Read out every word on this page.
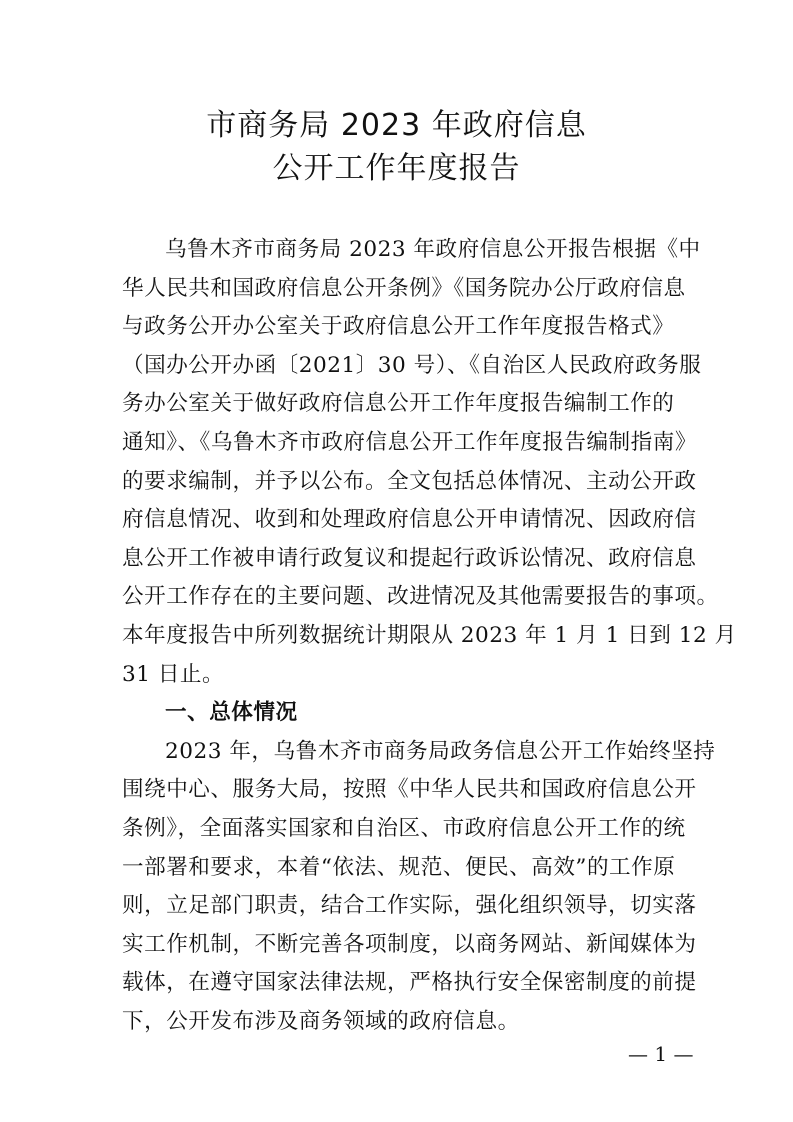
市商务局 2023 年政府信息
公开工作年度报告
乌鲁木齐市商务局 2023 年政府信息公开报告根据《中
华人民共和国政府信息公开条例》《国务院办公厅政府信息
与政务公开办公室关于政府信息公开工作年度报告格式》
（国办公开办函〔2021〕30 号）、《自治区人民政府政务服
务办公室关于做好政府信息公开工作年度报告编制工作的
通知》、《乌鲁木齐市政府信息公开工作年度报告编制指南》
的要求编制，并予以公布。全文包括总体情况、主动公开政
府信息情况、收到和处理政府信息公开申请情况、因政府信
息公开工作被申请行政复议和提起行政诉讼情况、政府信息
公开工作存在的主要问题、改进情况及其他需要报告的事项。
本年度报告中所列数据统计期限从 2023 年 1 月 1 日到 12 月
31 日止。
一、总体情况
2023 年，乌鲁木齐市商务局政务信息公开工作始终坚持
围绕中心、服务大局，按照《中华人民共和国政府信息公开
条例》，全面落实国家和自治区、市政府信息公开工作的统
一部署和要求，本着“依法、规范、便民、高效”的工作原
则，立足部门职责，结合工作实际，强化组织领导，切实落
实工作机制，不断完善各项制度，以商务网站、新闻媒体为
载体，在遵守国家法律法规，严格执行安全保密制度的前提
下，公开发布涉及商务领域的政府信息。
— 1 —
